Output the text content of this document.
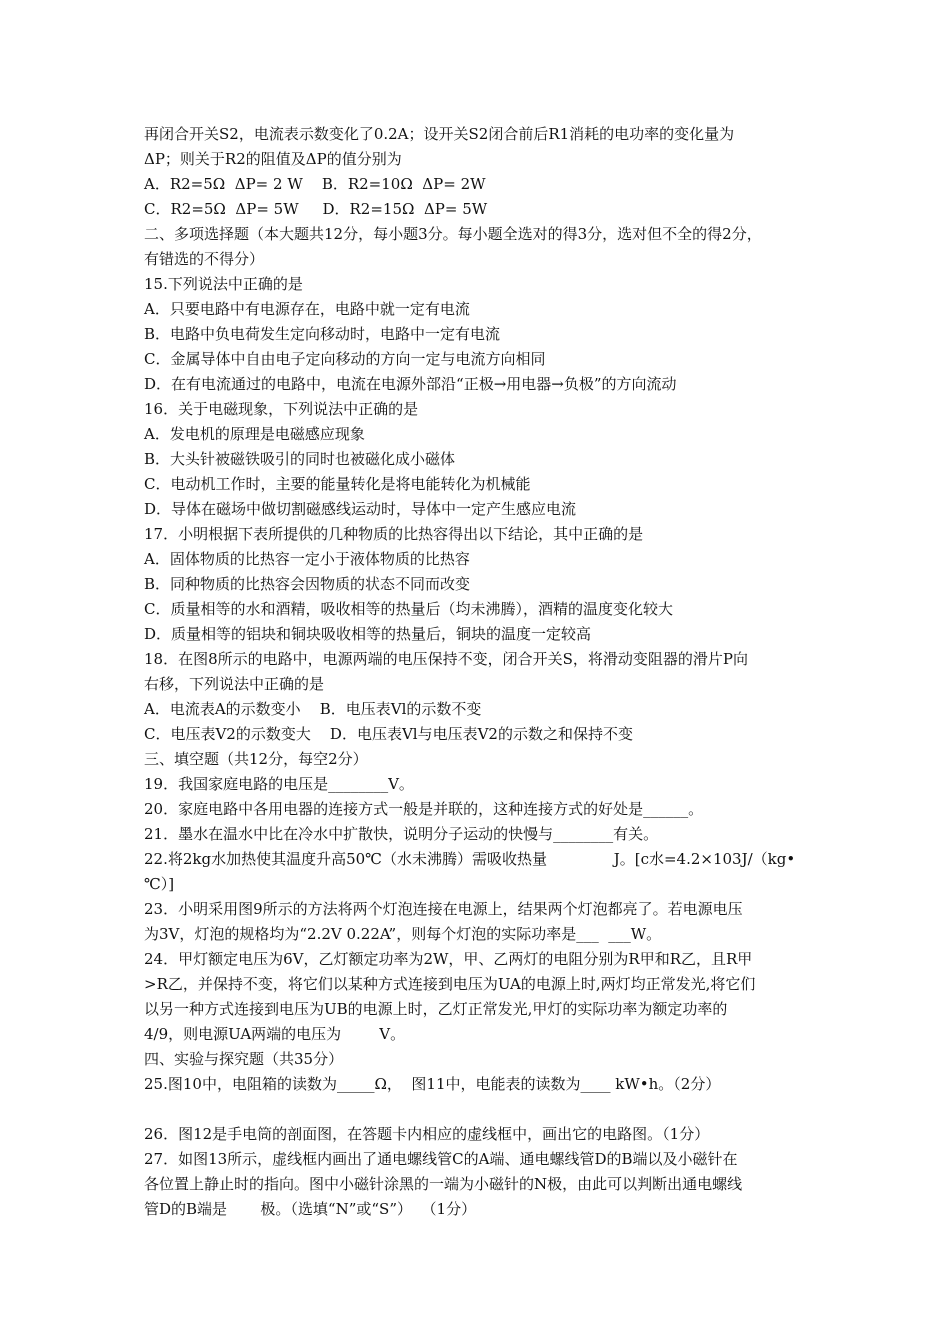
再闭合开关S2，电流表示数变化了0.2A；设开关S2闭合前后R1消耗的电功率的变化量为
ΔP；则关于R2的阻值及ΔP的值分别为
A．R2=5Ω  ΔP= 2 W    B．R2=10Ω  ΔP= 2W
C．R2=5Ω  ΔP= 5W     D．R2=15Ω  ΔP= 5W
二、多项选择题（本大题共12分，每小题3分。每小题全选对的得3分，选对但不全的得2分，
有错选的不得分）
15.下列说法中正确的是
A．只要电路中有电源存在，电路中就一定有电流
B．电路中负电荷发生定向移动时，电路中一定有电流
C．金属导体中自由电子定向移动的方向一定与电流方向相同
D．在有电流通过的电路中，电流在电源外部沿“正极→用电器→负极”的方向流动
16．关于电磁现象，下列说法中正确的是
A．发电机的原理是电磁感应现象
B．大头针被磁铁吸引的同时也被磁化成小磁体
C．电动机工作时，主要的能量转化是将电能转化为机械能
D．导体在磁场中做切割磁感线运动时，导体中一定产生感应电流
17．小明根据下表所提供的几种物质的比热容得出以下结论，其中正确的是
A．固体物质的比热容一定小于液体物质的比热容
B．同种物质的比热容会因物质的状态不同而改变
C．质量相等的水和酒精，吸收相等的热量后（均未沸腾），酒精的温度变化较大
D．质量相等的铝块和铜块吸收相等的热量后，铜块的温度一定较高
18．在图8所示的电路中，电源两端的电压保持不变，闭合开关S，将滑动变阻器的滑片P向
右移，下列说法中正确的是
A．电流表A的示数变小    B．电压表Vl的示数不变
C．电压表V2的示数变大    D．电压表Vl与电压表V2的示数之和保持不变
三、填空题（共12分，每空2分）
19．我国家庭电路的电压是________V。
20．家庭电路中各用电器的连接方式一般是并联的，这种连接方式的好处是______。
21．墨水在温水中比在冷水中扩散快，说明分子运动的快慢与________有关。
22.将2kg水加热使其温度升高50℃（水未沸腾）需吸收热量              J。[c水=4.2×103J/（kg•
℃）]
23．小明采用图9所示的方法将两个灯泡连接在电源上，结果两个灯泡都亮了。若电源电压
为3V，灯泡的规格均为“2.2V 0.22A”，则每个灯泡的实际功率是___  ___W。
24．甲灯额定电压为6V，乙灯额定功率为2W，甲、乙两灯的电阻分别为R甲和R乙，且R甲
>R乙，并保持不变，将它们以某种方式连接到电压为UA的电源上时,两灯均正常发光,将它们
以另一种方式连接到电压为UB的电源上时，乙灯正常发光,甲灯的实际功率为额定功率的
4/9，则电源UA两端的电压为        V。
四、实验与探究题（共35分）
25.图10中，电阻箱的读数为_____Ω，  图11中，电能表的读数为____ kW•h。（2分）
26．图12是手电筒的剖面图，在答题卡内相应的虚线框中，画出它的电路图。（1分）
27．如图13所示，虚线框内画出了通电螺线管C的A端、通电螺线管D的B端以及小磁针在
各位置上静止时的指向。图中小磁针涂黑的一端为小磁针的N极，由此可以判断出通电螺线
管D的B端是       极。（选填“N”或“S”）  （1分）
